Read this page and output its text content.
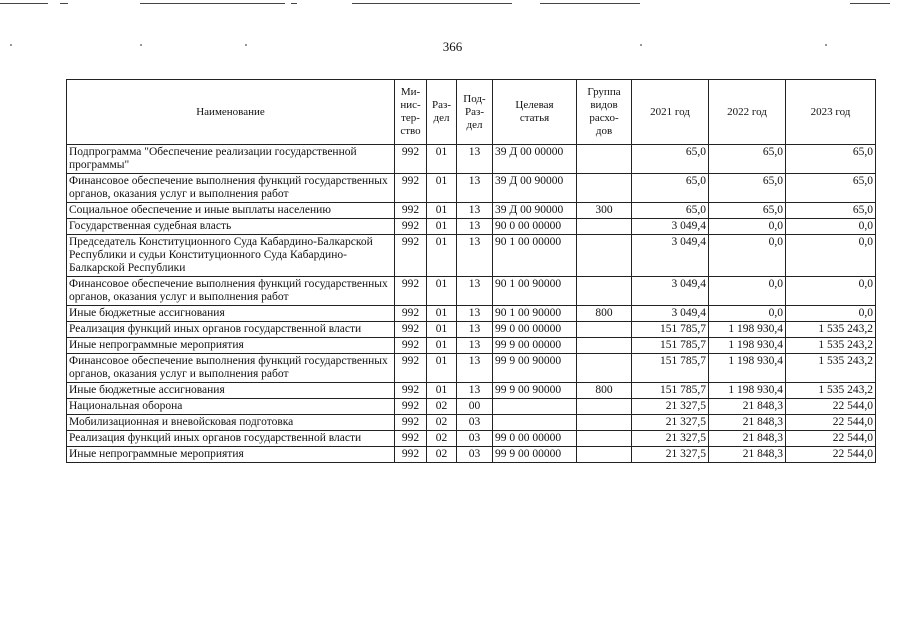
366
Наименование	Ми-
нис-
тер-
ство	Раз-
дел	Под-
Раз-
дел	Целевая
статья	Группа
видов
расхо-
дов	2021 год	2022 год	2023 год
Подпрограмма "Обеспечение реализации государственной программы"	992	01	13	39 Д 00 00000		65,0	65,0	65,0
Финансовое обеспечение выполнения функций государственных органов, оказания услуг и выполнения работ	992	01	13	39 Д 00 90000		65,0	65,0	65,0
Социальное обеспечение и иные выплаты населению	992	01	13	39 Д 00 90000	300	65,0	65,0	65,0
Государственная судебная власть	992	01	13	90 0 00 00000		3 049,4	0,0	0,0
Председатель Конституционного Суда Кабардино-Балкарской Республики и судьи Конституционного Суда Кабардино-Балкарской Республики	992	01	13	90 1 00 00000		3 049,4	0,0	0,0
Финансовое обеспечение выполнения функций государственных органов, оказания услуг и выполнения работ	992	01	13	90 1 00 90000		3 049,4	0,0	0,0
Иные бюджетные ассигнования	992	01	13	90 1 00 90000	800	3 049,4	0,0	0,0
Реализация функций иных органов государственной власти	992	01	13	99 0 00 00000		151 785,7	1 198 930,4	1 535 243,2
Иные непрограммные мероприятия	992	01	13	99 9 00 00000		151 785,7	1 198 930,4	1 535 243,2
Финансовое обеспечение выполнения функций государственных органов, оказания услуг и выполнения работ	992	01	13	99 9 00 90000		151 785,7	1 198 930,4	1 535 243,2
Иные бюджетные ассигнования	992	01	13	99 9 00 90000	800	151 785,7	1 198 930,4	1 535 243,2
Национальная оборона	992	02	00			21 327,5	21 848,3	22 544,0
Мобилизационная и вневойсковая подготовка	992	02	03			21 327,5	21 848,3	22 544,0
Реализация функций иных органов государственной власти	992	02	03	99 0 00 00000		21 327,5	21 848,3	22 544,0
Иные непрограммные мероприятия	992	02	03	99 9 00 00000		21 327,5	21 848,3	22 544,0
